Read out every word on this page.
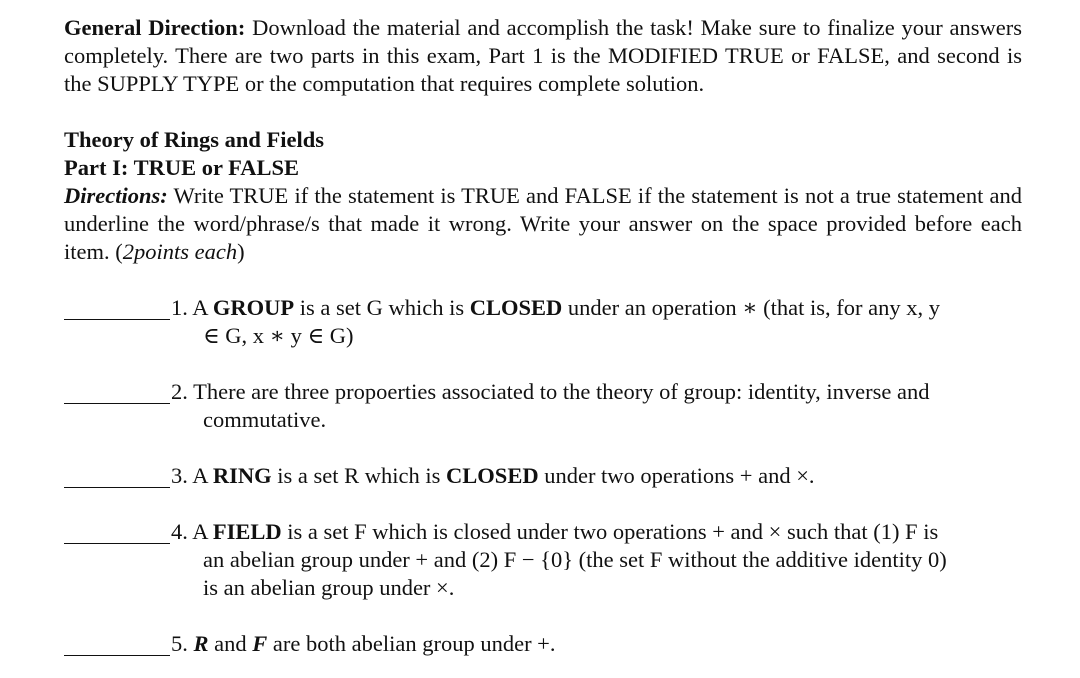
General Direction: Download the material and accomplish the task! Make sure to finalize your answers completely. There are two parts in this exam, Part 1 is the MODIFIED TRUE or FALSE, and second is the SUPPLY TYPE or the computation that requires complete solution.

Theory of Rings and Fields
Part I: TRUE or FALSE

Directions: Write TRUE if the statement is TRUE and FALSE if the statement is not a true statement and underline the word/phrase/s that made it wrong. Write your answer on the space provided before each item. (2points each)

1. A GROUP is a set G which is CLOSED under an operation ∗ (that is, for any x, y
∈ G, x ∗ y ∈ G)
2. There are three propoerties associated to the theory of group: identity, inverse and
commutative.
3. A RING is a set R which is CLOSED under two operations + and ×.
4. A FIELD is a set F which is closed under two operations + and × such that (1) F is
an abelian group under + and (2) F − {0} (the set F without the additive identity 0)
is an abelian group under ×.
5. R and F are both abelian group under +.
